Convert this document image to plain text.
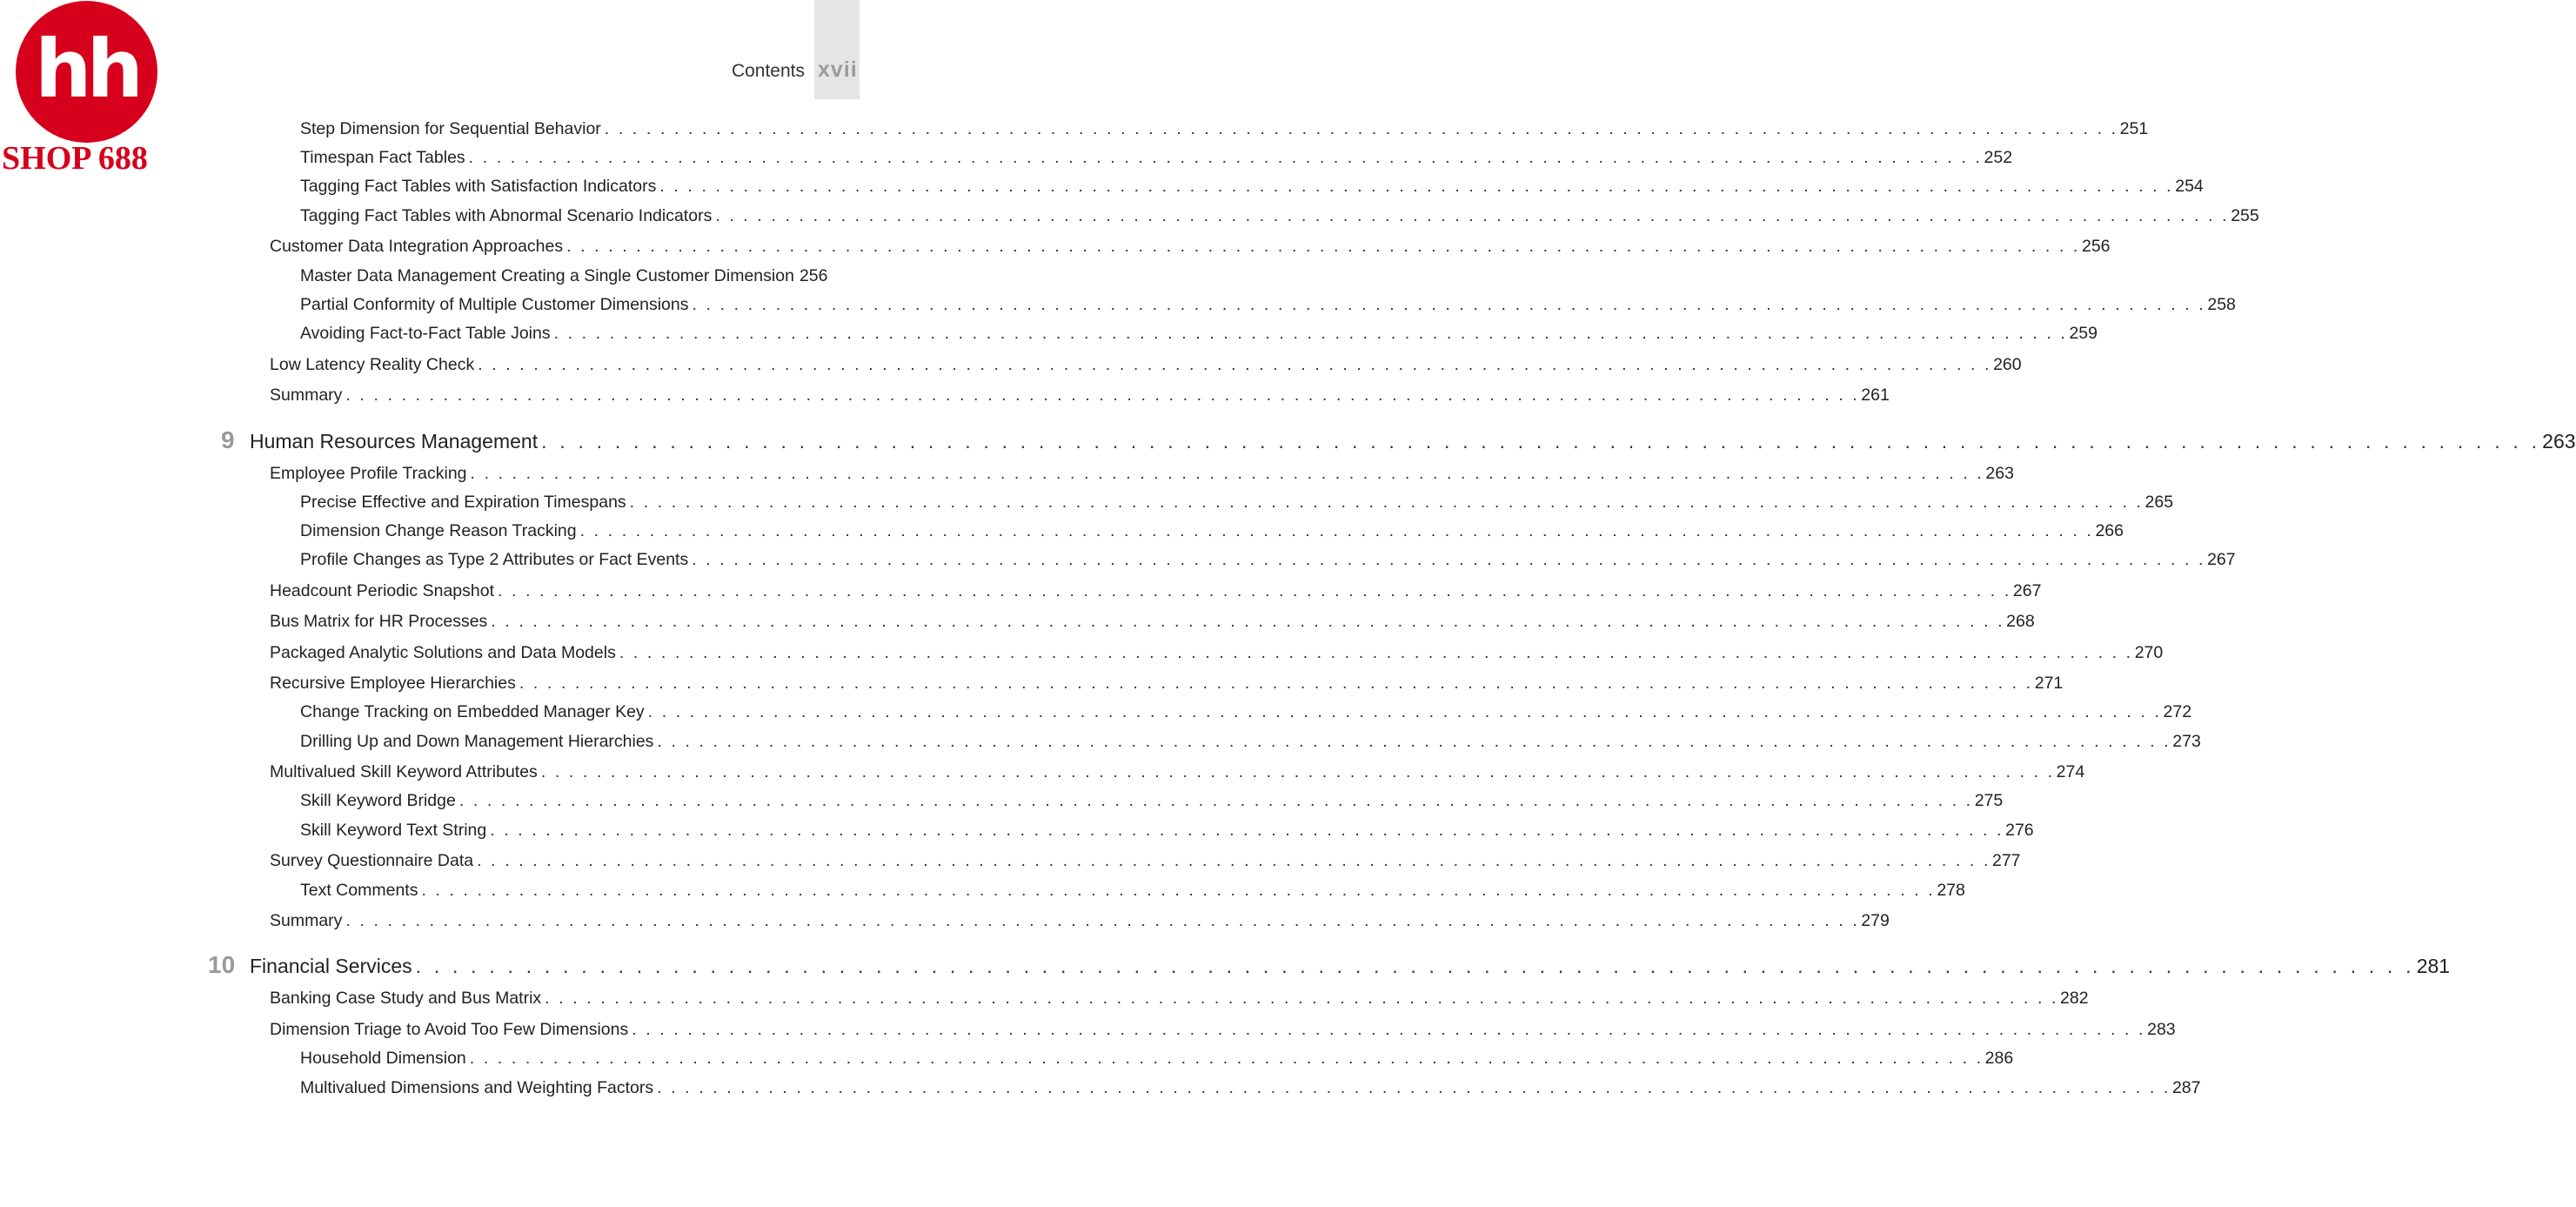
hh
SHOP 688
Contents xvii
Step Dimension for Sequential Behavior . . . . . . . . . . . . . . . . . . . . . . . . . . . . . . . . . . . . . . . . . . . . . . . . . . . . . . . . . . . . . . . . . . . . . . . . . . . . . . . . . . . . . . . . . . . . . . . . . . . . . . . . . . . . . 251
Timespan Fact Tables . . . . . . . . . . . . . . . . . . . . . . . . . . . . . . . . . . . . . . . . . . . . . . . . . . . . . . . . . . . . . . . . . . . . . . . . . . . . . . . . . . . . . . . . . . . . . . . . . . . . . . . . . . . . . 252
Tagging Fact Tables with Satisfaction Indicators . . . . . . . . . . . . . . . . . . . . . . . . . . . . . . . . . . . . . . . . . . . . . . . . . . . . . . . . . . . . . . . . . . . . . . . . . . . . . . . . . . . . . . . . . . . . . . . . . . . . . . . . . . . . . 254
Tagging Fact Tables with Abnormal Scenario Indicators . . . . . . . . . . . . . . . . . . . . . . . . . . . . . . . . . . . . . . . . . . . . . . . . . . . . . . . . . . . . . . . . . . . . . . . . . . . . . . . . . . . . . . . . . . . . . . . . . . . . . . . . . . . . . 255
Customer Data Integration Approaches . . . . . . . . . . . . . . . . . . . . . . . . . . . . . . . . . . . . . . . . . . . . . . . . . . . . . . . . . . . . . . . . . . . . . . . . . . . . . . . . . . . . . . . . . . . . . . . . . . . . . . . . . . . . . 256
Master Data Management Creating a Single Customer Dimension 256
Partial Conformity of Multiple Customer Dimensions . . . . . . . . . . . . . . . . . . . . . . . . . . . . . . . . . . . . . . . . . . . . . . . . . . . . . . . . . . . . . . . . . . . . . . . . . . . . . . . . . . . . . . . . . . . . . . . . . . . . . . . . . . . . . 258
Avoiding Fact-to-Fact Table Joins . . . . . . . . . . . . . . . . . . . . . . . . . . . . . . . . . . . . . . . . . . . . . . . . . . . . . . . . . . . . . . . . . . . . . . . . . . . . . . . . . . . . . . . . . . . . . . . . . . . . . . . . . . . . . 259
Low Latency Reality Check . . . . . . . . . . . . . . . . . . . . . . . . . . . . . . . . . . . . . . . . . . . . . . . . . . . . . . . . . . . . . . . . . . . . . . . . . . . . . . . . . . . . . . . . . . . . . . . . . . . . . . . . . . . . . 260
Summary . . . . . . . . . . . . . . . . . . . . . . . . . . . . . . . . . . . . . . . . . . . . . . . . . . . . . . . . . . . . . . . . . . . . . . . . . . . . . . . . . . . . . . . . . . . . . . . . . . . . . . . . . . . . . 261
Human Resources Management . . . . . . . . . . . . . . . . . . . . . . . . . . . . . . . . . . . . . . . . . . . . . . . . . . . . . . . . . . . . . . . . . . . . . . . . . . . . . . . . . . . . . . . . . . . . . . . . . . . . . . . . . . . . . 263
9
Employee Profile Tracking . . . . . . . . . . . . . . . . . . . . . . . . . . . . . . . . . . . . . . . . . . . . . . . . . . . . . . . . . . . . . . . . . . . . . . . . . . . . . . . . . . . . . . . . . . . . . . . . . . . . . . . . . . . . . 263
Precise Effective and Expiration Timespans . . . . . . . . . . . . . . . . . . . . . . . . . . . . . . . . . . . . . . . . . . . . . . . . . . . . . . . . . . . . . . . . . . . . . . . . . . . . . . . . . . . . . . . . . . . . . . . . . . . . . . . . . . . . . 265
Dimension Change Reason Tracking . . . . . . . . . . . . . . . . . . . . . . . . . . . . . . . . . . . . . . . . . . . . . . . . . . . . . . . . . . . . . . . . . . . . . . . . . . . . . . . . . . . . . . . . . . . . . . . . . . . . . . . . . . . . . 266
Profile Changes as Type 2 Attributes or Fact Events . . . . . . . . . . . . . . . . . . . . . . . . . . . . . . . . . . . . . . . . . . . . . . . . . . . . . . . . . . . . . . . . . . . . . . . . . . . . . . . . . . . . . . . . . . . . . . . . . . . . . . . . . . . . . 267
Headcount Periodic Snapshot . . . . . . . . . . . . . . . . . . . . . . . . . . . . . . . . . . . . . . . . . . . . . . . . . . . . . . . . . . . . . . . . . . . . . . . . . . . . . . . . . . . . . . . . . . . . . . . . . . . . . . . . . . . . . 267
Bus Matrix for HR Processes . . . . . . . . . . . . . . . . . . . . . . . . . . . . . . . . . . . . . . . . . . . . . . . . . . . . . . . . . . . . . . . . . . . . . . . . . . . . . . . . . . . . . . . . . . . . . . . . . . . . . . . . . . . . . 268
Packaged Analytic Solutions and Data Models . . . . . . . . . . . . . . . . . . . . . . . . . . . . . . . . . . . . . . . . . . . . . . . . . . . . . . . . . . . . . . . . . . . . . . . . . . . . . . . . . . . . . . . . . . . . . . . . . . . . . . . . . . . . . 270
Recursive Employee Hierarchies . . . . . . . . . . . . . . . . . . . . . . . . . . . . . . . . . . . . . . . . . . . . . . . . . . . . . . . . . . . . . . . . . . . . . . . . . . . . . . . . . . . . . . . . . . . . . . . . . . . . . . . . . . . . . 271
Change Tracking on Embedded Manager Key . . . . . . . . . . . . . . . . . . . . . . . . . . . . . . . . . . . . . . . . . . . . . . . . . . . . . . . . . . . . . . . . . . . . . . . . . . . . . . . . . . . . . . . . . . . . . . . . . . . . . . . . . . . . . 272
Drilling Up and Down Management Hierarchies . . . . . . . . . . . . . . . . . . . . . . . . . . . . . . . . . . . . . . . . . . . . . . . . . . . . . . . . . . . . . . . . . . . . . . . . . . . . . . . . . . . . . . . . . . . . . . . . . . . . . . . . . . . . . 273
Multivalued Skill Keyword Attributes . . . . . . . . . . . . . . . . . . . . . . . . . . . . . . . . . . . . . . . . . . . . . . . . . . . . . . . . . . . . . . . . . . . . . . . . . . . . . . . . . . . . . . . . . . . . . . . . . . . . . . . . . . . . . 274
Skill Keyword Bridge . . . . . . . . . . . . . . . . . . . . . . . . . . . . . . . . . . . . . . . . . . . . . . . . . . . . . . . . . . . . . . . . . . . . . . . . . . . . . . . . . . . . . . . . . . . . . . . . . . . . . . . . . . . . . 275
Skill Keyword Text String . . . . . . . . . . . . . . . . . . . . . . . . . . . . . . . . . . . . . . . . . . . . . . . . . . . . . . . . . . . . . . . . . . . . . . . . . . . . . . . . . . . . . . . . . . . . . . . . . . . . . . . . . . . . . 276
Survey Questionnaire Data . . . . . . . . . . . . . . . . . . . . . . . . . . . . . . . . . . . . . . . . . . . . . . . . . . . . . . . . . . . . . . . . . . . . . . . . . . . . . . . . . . . . . . . . . . . . . . . . . . . . . . . . . . . . . 277
Text Comments . . . . . . . . . . . . . . . . . . . . . . . . . . . . . . . . . . . . . . . . . . . . . . . . . . . . . . . . . . . . . . . . . . . . . . . . . . . . . . . . . . . . . . . . . . . . . . . . . . . . . . . . . . . . . 278
Summary . . . . . . . . . . . . . . . . . . . . . . . . . . . . . . . . . . . . . . . . . . . . . . . . . . . . . . . . . . . . . . . . . . . . . . . . . . . . . . . . . . . . . . . . . . . . . . . . . . . . . . . . . . . . . 279
Financial Services . . . . . . . . . . . . . . . . . . . . . . . . . . . . . . . . . . . . . . . . . . . . . . . . . . . . . . . . . . . . . . . . . . . . . . . . . . . . . . . . . . . . . . . . . . . . . . . . . . . . . . . . . . . . . 281
10
Banking Case Study and Bus Matrix . . . . . . . . . . . . . . . . . . . . . . . . . . . . . . . . . . . . . . . . . . . . . . . . . . . . . . . . . . . . . . . . . . . . . . . . . . . . . . . . . . . . . . . . . . . . . . . . . . . . . . . . . . . . . 282
Dimension Triage to Avoid Too Few Dimensions . . . . . . . . . . . . . . . . . . . . . . . . . . . . . . . . . . . . . . . . . . . . . . . . . . . . . . . . . . . . . . . . . . . . . . . . . . . . . . . . . . . . . . . . . . . . . . . . . . . . . . . . . . . . . 283
Household Dimension . . . . . . . . . . . . . . . . . . . . . . . . . . . . . . . . . . . . . . . . . . . . . . . . . . . . . . . . . . . . . . . . . . . . . . . . . . . . . . . . . . . . . . . . . . . . . . . . . . . . . . . . . . . . . 286
Multivalued Dimensions and Weighting Factors . . . . . . . . . . . . . . . . . . . . . . . . . . . . . . . . . . . . . . . . . . . . . . . . . . . . . . . . . . . . . . . . . . . . . . . . . . . . . . . . . . . . . . . . . . . . . . . . . . . . . . . . . . . . . 287
